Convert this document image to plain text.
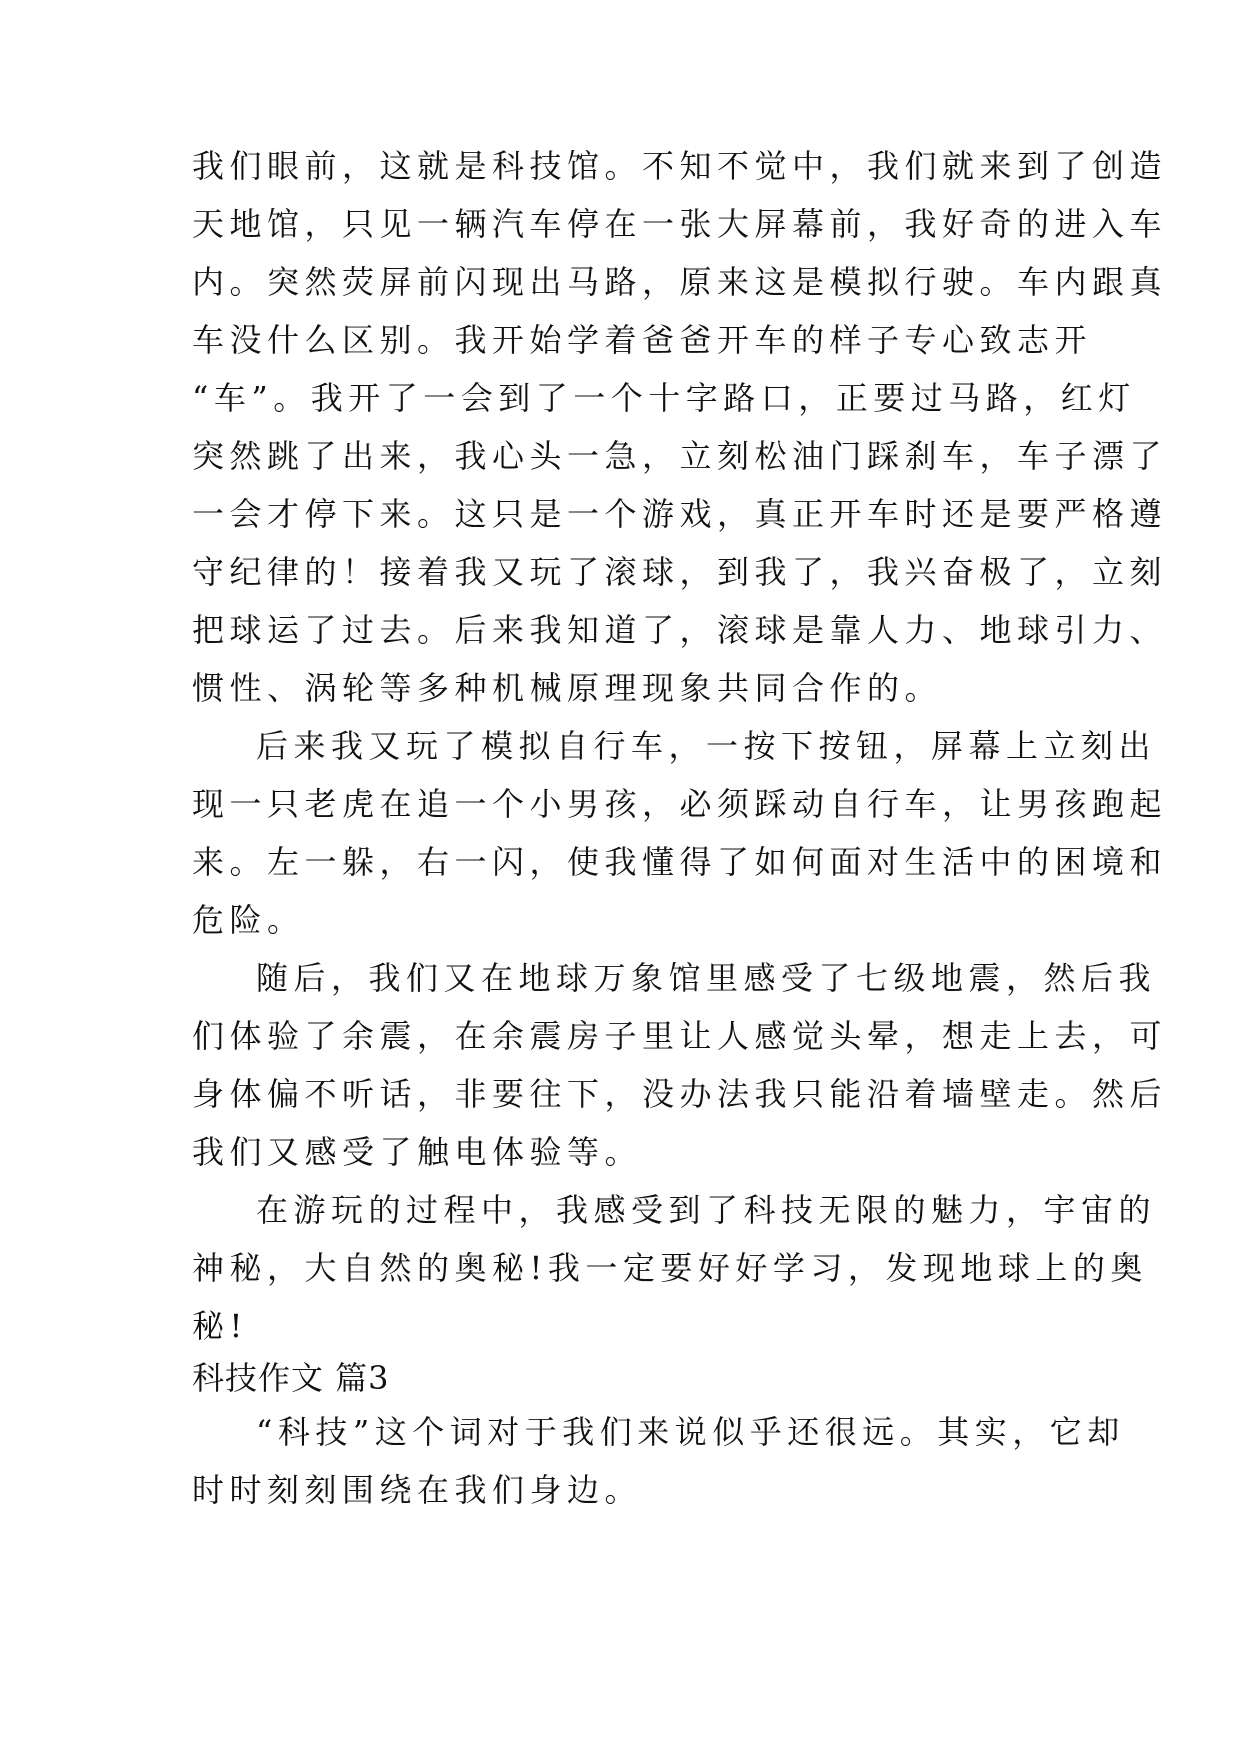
我们眼前，这就是科技馆。不知不觉中，我们就来到了创造
天地馆，只见一辆汽车停在一张大屏幕前，我好奇的进入车
内。突然荧屏前闪现出马路，原来这是模拟行驶。车内跟真
车没什么区别。我开始学着爸爸开车的样子专心致志开
“车”。我开了一会到了一个十字路口，正要过马路，红灯
突然跳了出来，我心头一急，立刻松油门踩刹车，车子漂了
一会才停下来。这只是一个游戏，真正开车时还是要严格遵
守纪律的！接着我又玩了滚球，到我了，我兴奋极了，立刻
把球运了过去。后来我知道了，滚球是靠人力、地球引力、
惯性、涡轮等多种机械原理现象共同合作的。
后来我又玩了模拟自行车，一按下按钮，屏幕上立刻出
现一只老虎在追一个小男孩，必须踩动自行车，让男孩跑起
来。左一躲，右一闪，使我懂得了如何面对生活中的困境和
危险。
随后，我们又在地球万象馆里感受了七级地震，然后我
们体验了余震，在余震房子里让人感觉头晕，想走上去，可
身体偏不听话，非要往下，没办法我只能沿着墙壁走。然后
我们又感受了触电体验等。
在游玩的过程中，我感受到了科技无限的魅力，宇宙的
神秘，大自然的奥秘!我一定要好好学习，发现地球上的奥
秘!
科技作文 篇3
“科技”这个词对于我们来说似乎还很远。其实，它却
时时刻刻围绕在我们身边。
